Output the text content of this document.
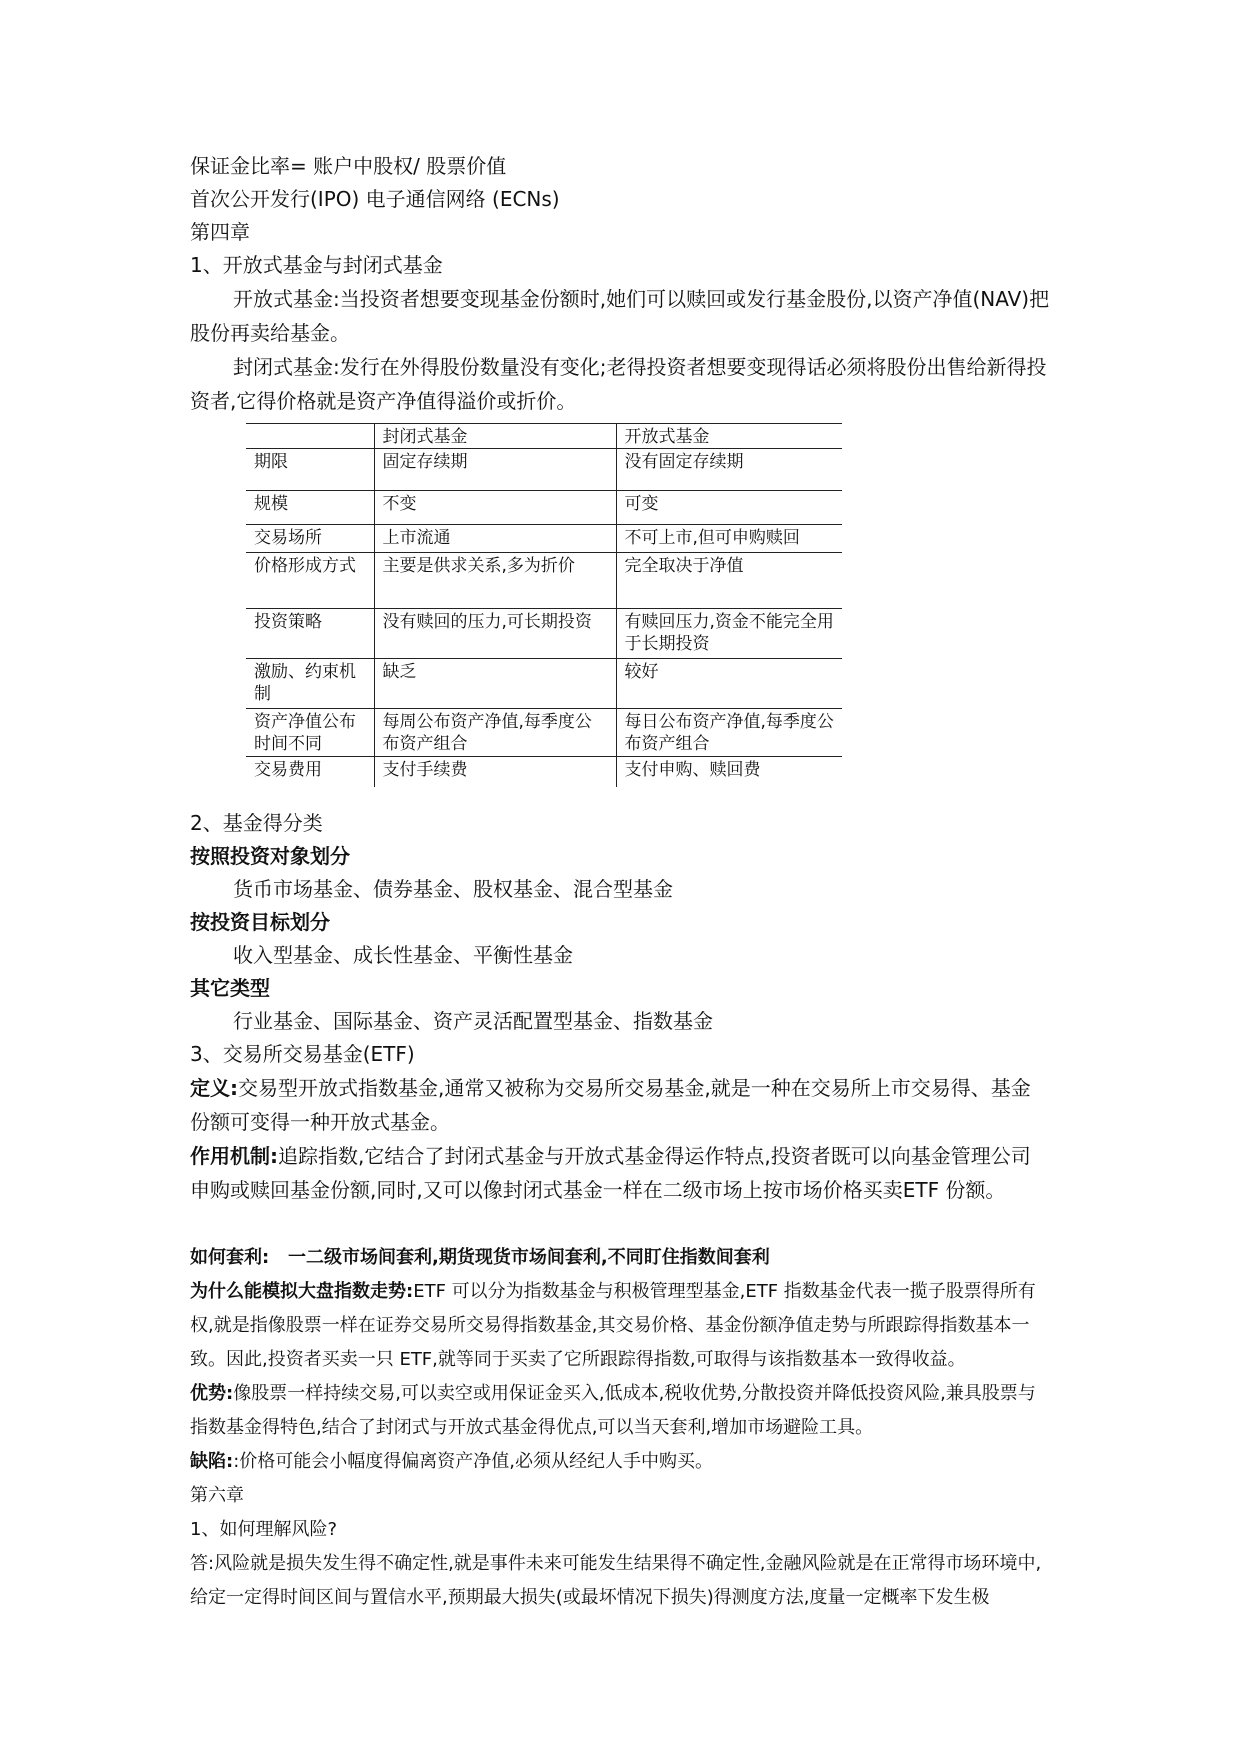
保证金比率= 账户中股权/ 股票价值
首次公开发行(IPO) 电子通信网络 (ECNs)
第四章
1、开放式基金与封闭式基金
开放式基金:当投资者想要变现基金份额时,她们可以赎回或发行基金股份,以资产净值(NAV)把股份再卖给基金。
封闭式基金:发行在外得股份数量没有变化;老得投资者想要变现得话必须将股份出售给新得投资者,它得价格就是资产净值得溢价或折价。
	封闭式基金	开放式基金
期限	固定存续期	没有固定存续期
规模	不变	可变
交易场所	上市流通	不可上市,但可申购赎回
价格形成方式	主要是供求关系,多为折价	完全取决于净值
投资策略	没有赎回的压力,可长期投资	有赎回压力,资金不能完全用于长期投资
激励、约束机制	缺乏	较好
资产净值公布时间不同	每周公布资产净值,每季度公布资产组合	每日公布资产净值,每季度公布资产组合
交易费用	支付手续费	支付申购、赎回费
2、基金得分类
按照投资对象划分
货币市场基金、债券基金、股权基金、混合型基金
按投资目标划分
收入型基金、成长性基金、平衡性基金
其它类型
行业基金、国际基金、资产灵活配置型基金、指数基金
3、交易所交易基金(ETF)
定义:交易型开放式指数基金,通常又被称为交易所交易基金,就是一种在交易所上市交易得、基金份额可变得一种开放式基金。
作用机制:追踪指数,它结合了封闭式基金与开放式基金得运作特点,投资者既可以向基金管理公司申购或赎回基金份额,同时,又可以像封闭式基金一样在二级市场上按市场价格买卖ETF 份额。
如何套利: 一二级市场间套利,期货现货市场间套利,不同盯住指数间套利
为什么能模拟大盘指数走势:ETF 可以分为指数基金与积极管理型基金,ETF 指数基金代表一揽子股票得所有权,就是指像股票一样在证券交易所交易得指数基金,其交易价格、基金份额净值走势与所跟踪得指数基本一致。因此,投资者买卖一只 ETF,就等同于买卖了它所跟踪得指数,可取得与该指数基本一致得收益。
优势:像股票一样持续交易,可以卖空或用保证金买入,低成本,税收优势,分散投资并降低投资风险,兼具股票与指数基金得特色,结合了封闭式与开放式基金得优点,可以当天套利,增加市场避险工具。
缺陷::价格可能会小幅度得偏离资产净值,必须从经纪人手中购买。
第六章
1、如何理解风险?
答:风险就是损失发生得不确定性,就是事件未来可能发生结果得不确定性,金融风险就是在正常得市场环境中,给定一定得时间区间与置信水平,预期最大损失(或最坏情况下损失)得测度方法,度量一定概率下发生极
